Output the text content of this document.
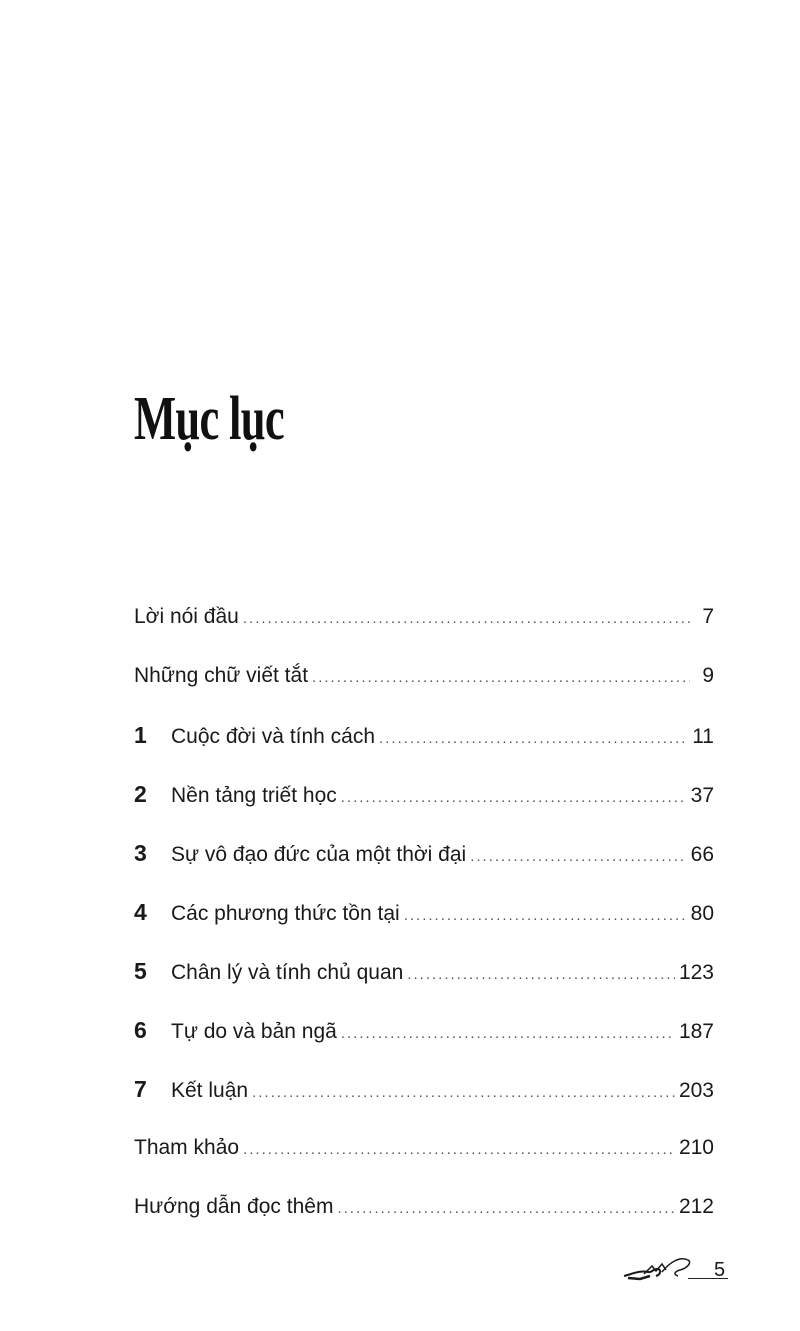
Mục lục
Lời nói đầu .....	7
Những chữ viết tắt .....	9
1	Cuộc đời và tính cách .....	11
2	Nền tảng triết học .....	37
3	Sự vô đạo đức của một thời đại .....	66
4	Các phương thức tồn tại .....	80
5	Chân lý và tính chủ quan .....	123
6	Tự do và bản ngã .....	187
7	Kết luận .....	203
Tham khảo .....	210
Hướng dẫn đọc thêm .....	212
5
